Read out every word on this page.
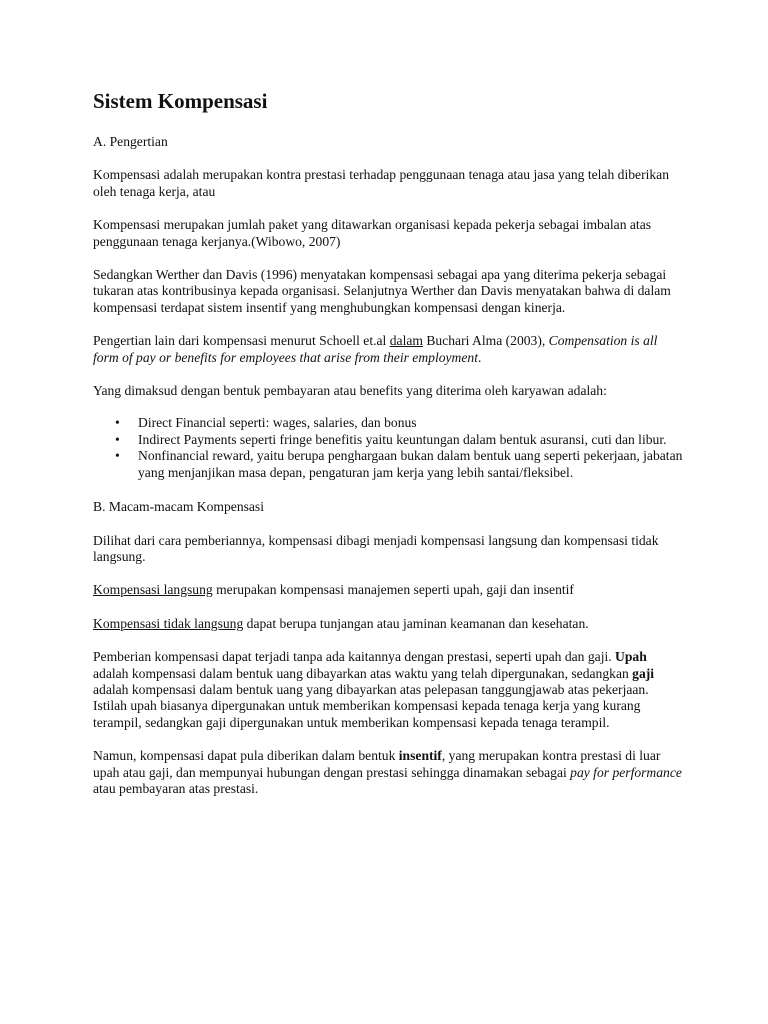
Sistem Kompensasi

A. Pengertian

Kompensasi adalah merupakan kontra prestasi terhadap penggunaan tenaga atau jasa yang telah diberikan oleh tenaga kerja, atau

Kompensasi merupakan jumlah paket yang ditawarkan organisasi kepada pekerja sebagai imbalan atas penggunaan tenaga kerjanya.(Wibowo, 2007)

Sedangkan Werther dan Davis (1996) menyatakan kompensasi sebagai apa yang diterima pekerja sebagai tukaran atas kontribusinya kepada organisasi. Selanjutnya Werther dan Davis menyatakan bahwa di dalam kompensasi terdapat sistem insentif yang menghubungkan kompensasi dengan kinerja.

Pengertian lain dari kompensasi menurut Schoell et.al dalam Buchari Alma (2003), Compensation is all form of pay or benefits for employees that arise from their employment.

Yang dimaksud dengan bentuk pembayaran atau benefits yang diterima oleh karyawan adalah:

• Direct Financial seperti: wages, salaries, dan bonus
• Indirect Payments seperti fringe benefitis yaitu keuntungan dalam bentuk asuransi, cuti dan libur.
• Nonfinancial reward, yaitu berupa penghargaan bukan dalam bentuk uang seperti pekerjaan, jabatan yang menjanjikan masa depan, pengaturan jam kerja yang lebih santai/fleksibel.

B. Macam-macam Kompensasi

Dilihat dari cara pemberiannya, kompensasi dibagi menjadi kompensasi langsung dan kompensasi tidak langsung.

Kompensasi langsung merupakan kompensasi manajemen seperti upah, gaji dan insentif

Kompensasi tidak langsung dapat berupa tunjangan atau jaminan keamanan dan kesehatan.

Pemberian kompensasi dapat terjadi tanpa ada kaitannya dengan prestasi, seperti upah dan gaji. Upah adalah kompensasi dalam bentuk uang dibayarkan atas waktu yang telah dipergunakan, sedangkan gaji adalah kompensasi dalam bentuk uang yang dibayarkan atas pelepasan tanggungjawab atas pekerjaan. Istilah upah biasanya dipergunakan untuk memberikan kompensasi kepada tenaga kerja yang kurang terampil, sedangkan gaji dipergunakan untuk memberikan kompensasi kepada tenaga terampil.

Namun, kompensasi dapat pula diberikan dalam bentuk insentif, yang merupakan kontra prestasi di luar upah atau gaji, dan mempunyai hubungan dengan prestasi sehingga dinamakan sebagai pay for performance atau pembayaran atas prestasi.
